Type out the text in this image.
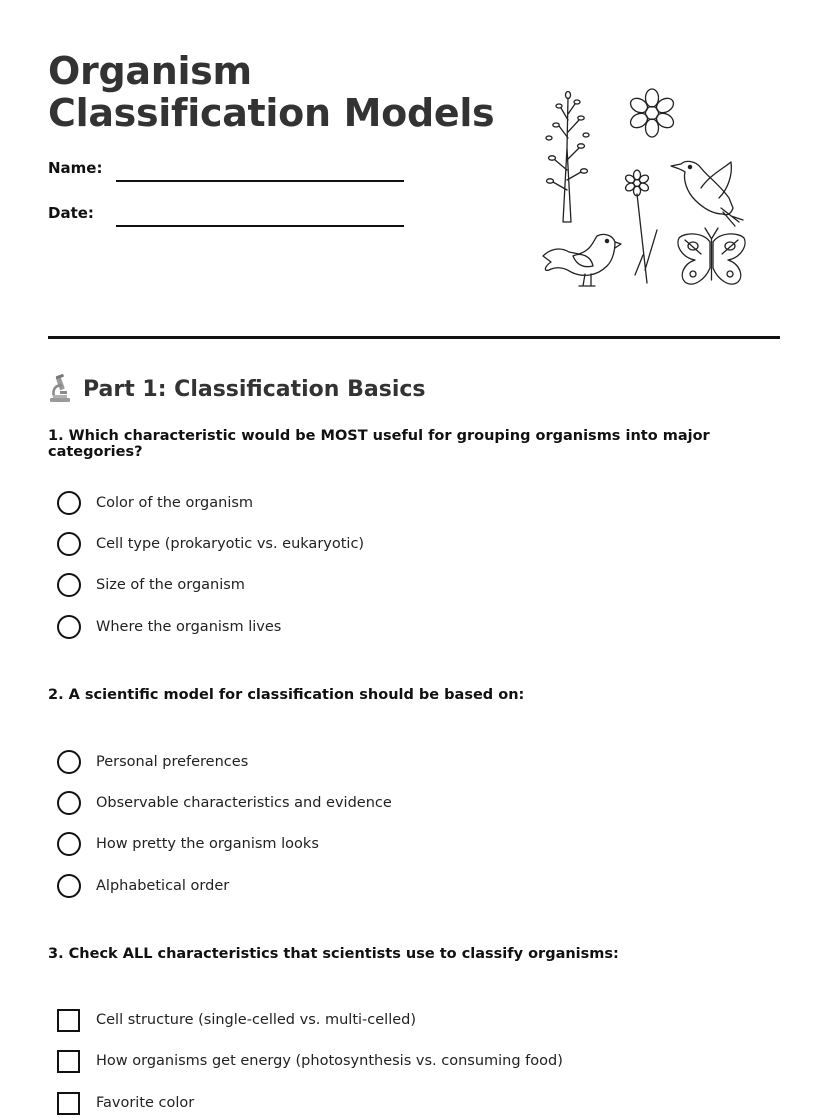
Organism Classification Models
Name:
Date:
Part 1: Classification Basics
1. Which characteristic would be MOST useful for grouping organisms into major categories?
Color of the organism
Cell type (prokaryotic vs. eukaryotic)
Size of the organism
Where the organism lives
2. A scientific model for classification should be based on:
Personal preferences
Observable characteristics and evidence
How pretty the organism looks
Alphabetical order
3. Check ALL characteristics that scientists use to classify organisms:
Cell structure (single-celled vs. multi-celled)
How organisms get energy (photosynthesis vs. consuming food)
Favorite color
